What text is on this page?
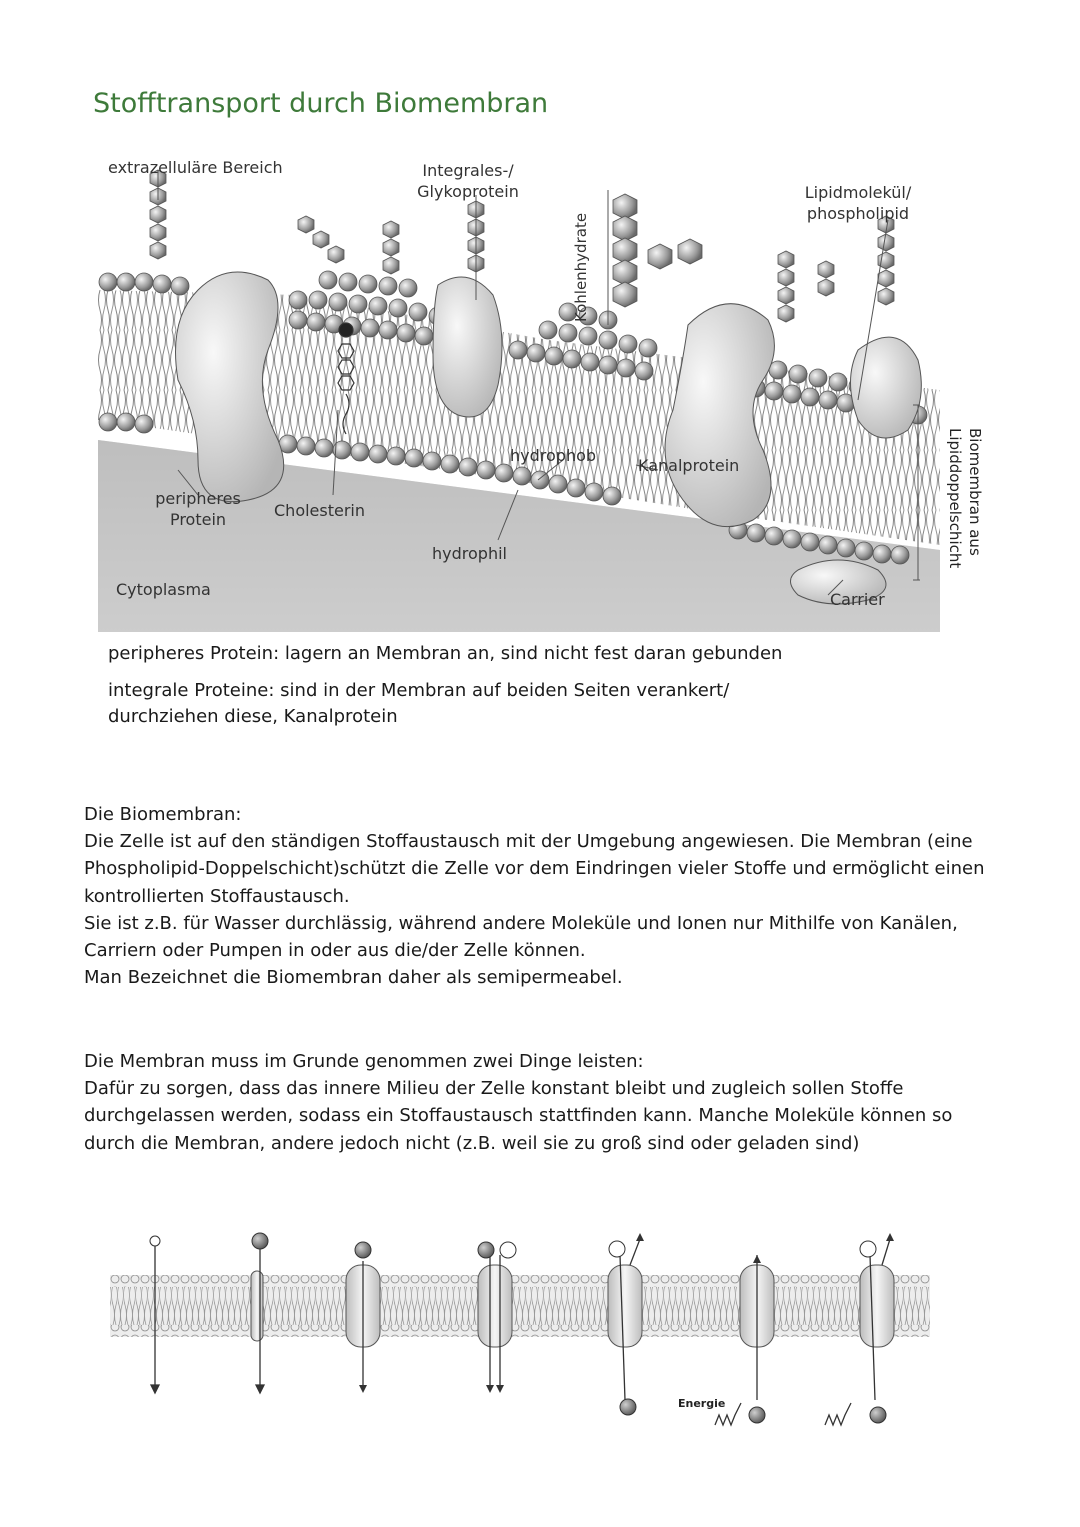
Stofftransport durch Biomembran
extrazelluläre Bereich	Integrales-/
Glykoprotein
Kohlenhydrate
Lipidmolekül/
phospholipid
hydrophob
Kanalprotein
peripheres
Protein	Cholesterin
hydrophil
Cytoplasma
Carrier
Biomembran aus
Lipiddoppelschicht
peripheres Protein: lagern an Membran an, sind nicht fest daran gebunden
integrale Proteine: sind in der Membran auf beiden Seiten verankert/
durchziehen diese, Kanalprotein

Die Biomembran:

Die Zelle ist auf den ständigen Stoffaustausch mit der Umgebung angewiesen. Die Membran (eine

Phospholipid-Doppelschicht)schützt die Zelle vor dem Eindringen vieler Stoffe und ermöglicht einen

kontrollierten Stoffaustausch.

Sie ist z.B. für Wasser durchlässig, während andere Moleküle und Ionen nur Mithilfe von Kanälen,

Carriern oder Pumpen in oder aus die/der Zelle können.

Man Bezeichnet die Biomembran daher als semipermeabel.

Die Membran muss im Grunde genommen zwei Dinge leisten:

Dafür zu sorgen, dass das innere Milieu der Zelle konstant bleibt und zugleich sollen Stoffe

durchgelassen werden, sodass ein Stoffaustausch stattfinden kann. Manche Moleküle können so

durch die Membran, andere jedoch nicht (z.B. weil sie zu groß sind oder geladen sind)

Energie
